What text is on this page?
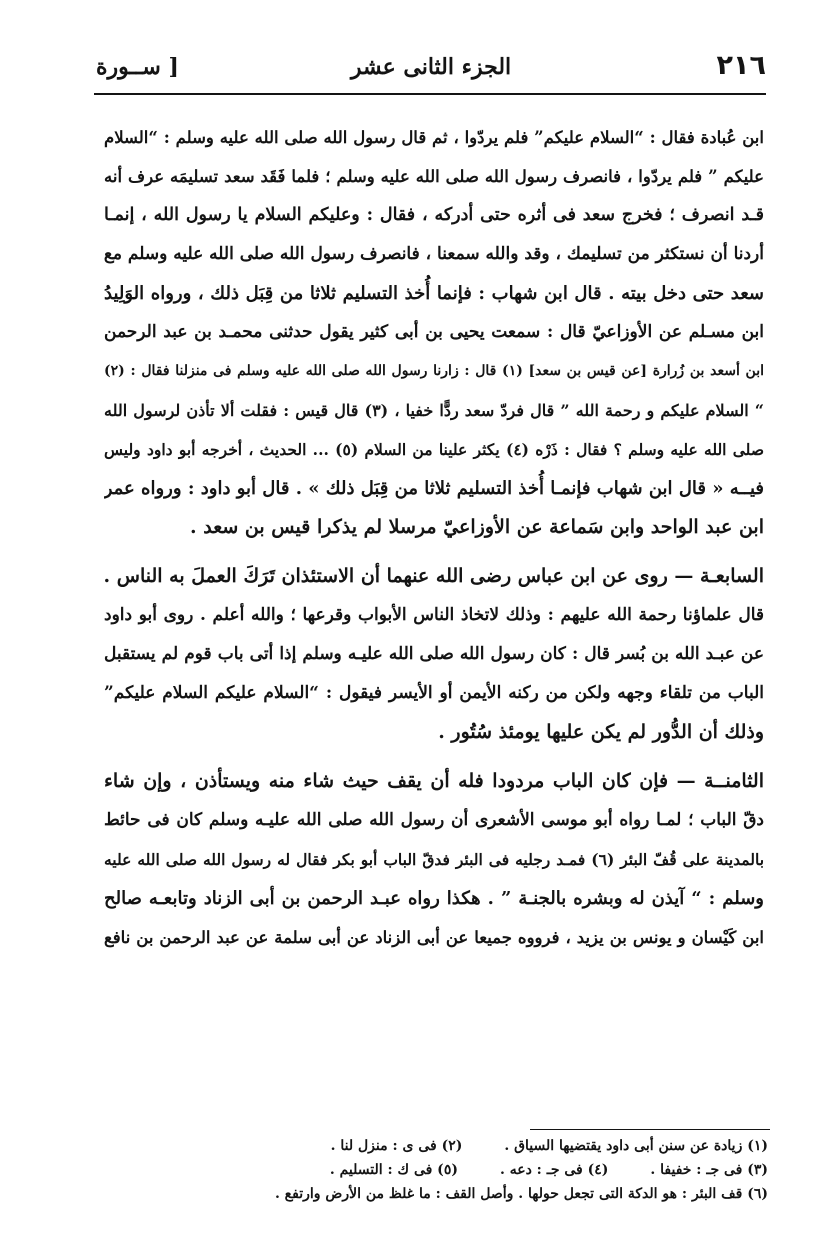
٢١٦
الجزء الثانى عشر
[ ســورة
ابن عُبادة فقال : “السلام عليكم” فلم يردّوا ، ثم قال رسول الله صلى الله عليه وسلم : “السلام
عليكم ” فلم يردّوا ، فانصرف رسول الله صلى الله عليه وسلم ؛ فلما فَقَد سعد تسليمَه عرف أنه
قـد انصرف ؛ فخرج سعد فى أثره حتى أدركه ، فقال : وعليكم السلام يا رسول الله ، إنمـا
أردنا أن نستكثر من تسليمك ، وقد والله سمعنا ، فانصرف رسول الله صلى الله عليه وسلم مع
سعد حتى دخل بيته . قال ابن شهاب : فإنما أُخذ التسليم ثلاثا من قِبَل ذلك ، ورواه الوَلِيدُ
ابن مسـلم عن الأوزاعيّ قال : سمعت يحيى بن أبى كثير يقول حدثنى محمـد بن عبد الرحمن
ابن أسعد بن زُرارة [عن قيس بن سعد] (١) قال : زارنا رسول الله صلى الله عليه وسلم فى منزلنا فقال : (٢)
“ السلام عليكم و رحمة الله ” قال فردّ سعد ردًّا خفيا ، (٣) قال قيس : فقلت ألا تأذن لرسول الله
صلى الله عليه وسلم ؟ فقال : ذَرْه (٤) يكثر علينا من السلام (٥) ... الحديث ، أخرجه أبو داود وليس
فيــه « قال ابن شهاب فإنمـا أُخذ التسليم ثلاثا من قِبَل ذلك » . قال أبو داود : ورواه عمر
ابن عبد الواحد وابن سَماعة عن الأوزاعيّ مرسلا لم يذكرا قيس بن سعد .
السابعـة — روى عن ابن عباس رضى الله عنهما أن الاستئذان تَرَكَ العملَ به الناس .
قال علماؤنا رحمة الله عليهم : وذلك لاتخاذ الناس الأبواب وقرعها ؛ والله أعلم . روى أبو داود
عن عبـد الله بن بُسر قال : كان رسول الله صلى الله عليـه وسلم إذا أتى باب قوم لم يستقبل
الباب من تلقاء وجهه ولكن من ركنه الأيمن أو الأيسر فيقول : “السلام عليكم السلام عليكم”
وذلك أن الدُّور لم يكن عليها يومئذ سُتُور .
الثامنــة — فإن كان الباب مردودا فله أن يقف حيث شاء منه ويستأذن ، وإن شاء
دقّ الباب ؛ لمـا رواه أبو موسى الأشعرى أن رسول الله صلى الله عليـه وسلم كان فى حائط
بالمدينة على قُفّ البئر (٦) فمـد رجليه فى البئر فدقّ الباب أبو بكر فقال له رسول الله صلى الله عليه
وسلم : “ آيذن له وبشره بالجنـة ” . هكذا رواه عبـد الرحمن بن أبى الزناد وتابعـه صالح
ابن كَيْسان و يونس بن يزيد ، فرووه جميعا عن أبى الزناد عن أبى سلمة عن عبد الرحمن بن نافع
(١) زيادة عن سنن أبى داود يقتضيها السياق .
(٢) فى ى : منزل لنا .
(٣) فى جـ : خفيفا .
(٤) فى جـ : دعه .
(٥) فى ك : التسليم .
(٦) قف البئر : هو الدكة التى تجعل حولها . وأصل القف : ما غلظ من الأرض وارتفع .
